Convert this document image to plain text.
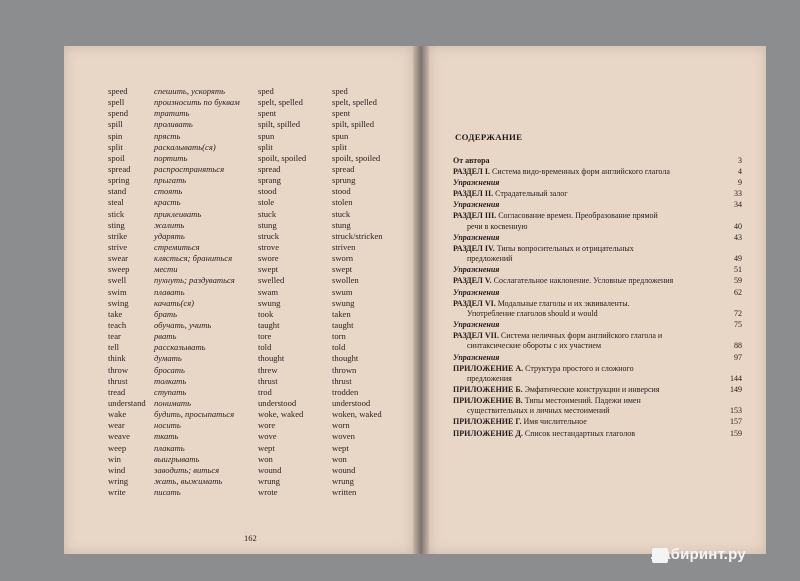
speed	спешить, ускорять	sped	sped
spell	произносить по буквам spelt, spelled	spelt, spelled
spend	тратить	spent	spent
spill	проливать	spilt, spilled	spilt, spilled
spin	прясть	spun	spun
split	раскалывать(ся)	split	split
spoil	портить	spoilt, spoiled	spoilt, spoiled
spread	распространяться	spread	spread
spring	прыгать	sprang	sprung
stand	стоять	stood	stood
steal	красть	stole	stolen
stick	приклеивать	stuck	stuck
sting	жалить	stung	stung
strike	ударять	struck	struck/stricken
strive	стремиться	strove	striven
swear	клясться; браниться	swore	sworn
sweep	мести	swept	swept
swell	пухнуть; раздуваться	swelled	swollen
swim	плавать	swam	swum
swing	качать(ся)	swung	swung
take	брать	took	taken
teach	обучать, учить	taught	taught
tear	рвать	tore	torn
tell	рассказывать	told	told
think	думать	thought	thought
throw	бросать	threw	thrown
thrust	толкать	thrust	thrust
tread	ступать	trod	trodden
understand понимать	understood	understood
wake	будить, просыпаться	woke, waked	woken, waked
wear	носить	wore	worn
weave	ткать	wove	woven
weep	плакать	wept	wept
win	выигрывать	won	won
wind	заводить; виться	wound	wound
wring	жать, выжимать	wrung	wrung
write	писать	wrote	written
162
СОДЕРЖАНИЕ
От автора	3
РАЗДЕЛ I. Система видо-временных форм английского глагола	4
Упражнения	9
РАЗДЕЛ II. Страдательный залог	33
Упражнения	34
РАЗДЕЛ III. Согласование времен. Преобразование прямой
речи в косвенную	40
Упражнения	43
РАЗДЕЛ IV. Типы вопросительных и отрицательных
предложений	49
Упражнения	51
РАЗДЕЛ V. Сослагательное наклонение. Условные предложения	59
Упражнения	62
РАЗДЕЛ VI. Модальные глаголы и их эквиваленты.
Употребление глаголов should и would	72
Упражнения	75
РАЗДЕЛ VII. Система неличных форм английского глагола и
синтаксические обороты с их участием	88
Упражнения	97
ПРИЛОЖЕНИЕ А. Структура простого и сложного
предложения	144
ПРИЛОЖЕНИЕ Б. Эмфатические конструкции и инверсия	149
ПРИЛОЖЕНИЕ В. Типы местоимений. Падежи имен
существительных и личных местоимений	153
ПРИЛОЖЕНИЕ Г. Имя числительное	157
ПРИЛОЖЕНИЕ Д. Список нестандартных глаголов	159
Лабиринт.ру
